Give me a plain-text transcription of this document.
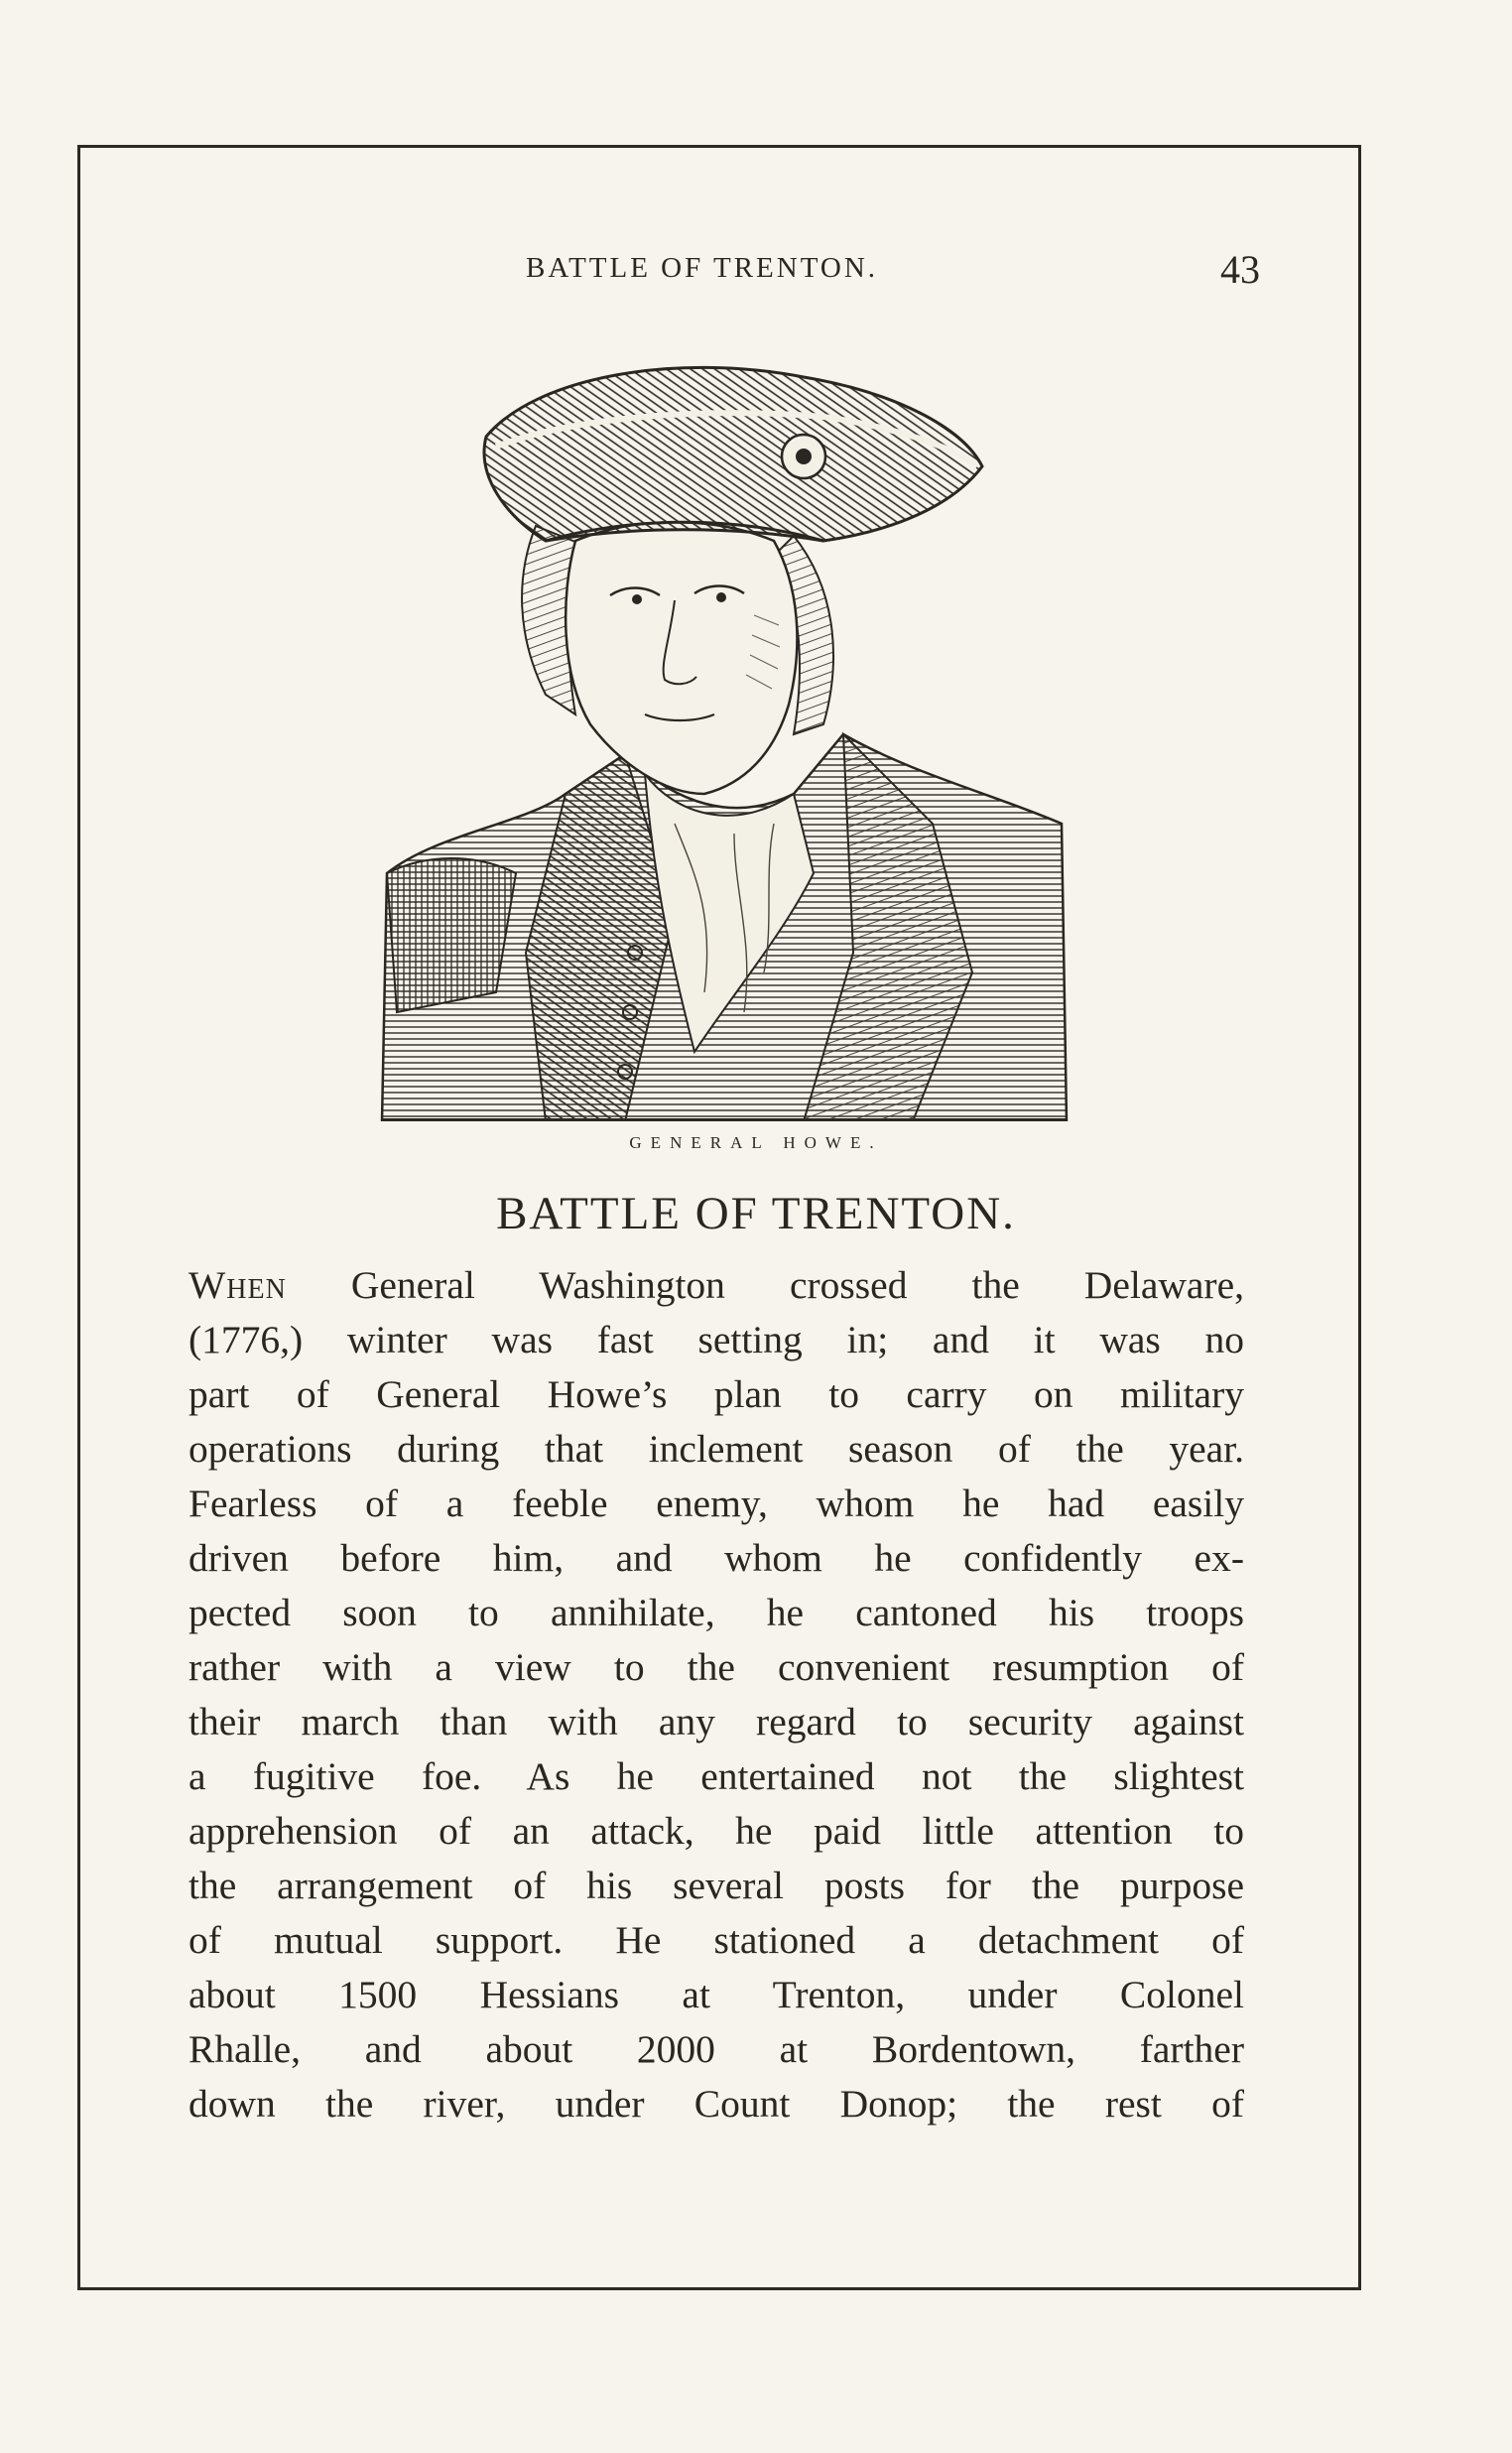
BATTLE OF TRENTON.	43
GENERAL HOWE.
BATTLE OF TRENTON.
When General Washington crossed the Delaware,
(1776,) winter was fast setting in; and it was no
part of General Howe’s plan to carry on military
operations during that inclement season of the year.
Fearless of a feeble enemy, whom he had easily
driven before him, and whom he confidently ex-
pected soon to annihilate, he cantoned his troops
rather with a view to the convenient resumption of
their march than with any regard to security against
a fugitive foe. As he entertained not the slightest
apprehension of an attack, he paid little attention to
the arrangement of his several posts for the purpose
of mutual support. He stationed a detachment of
about 1500 Hessians at Trenton, under Colonel
Rhalle, and about 2000 at Bordentown, farther
down the river, under Count Donop; the rest of
